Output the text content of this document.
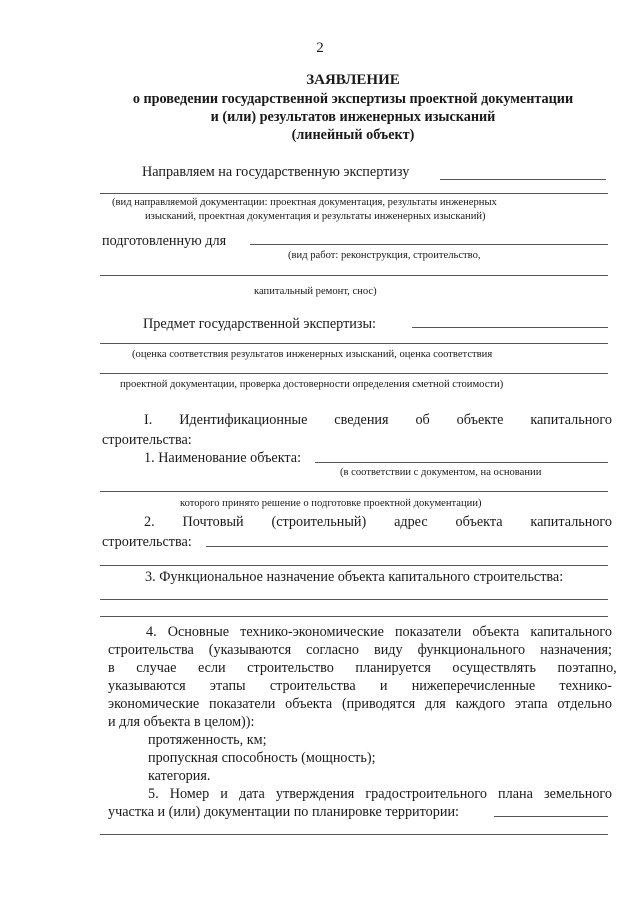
2
ЗАЯВЛЕНИЕ
о проведении государственной экспертизы проектной документации
и (или) результатов инженерных изысканий
(линейный объект)
Направляем на государственную экспертизу
(вид направляемой документации: проектная документация, результаты инженерных
изысканий, проектная документация и результаты инженерных изысканий)
подготовленную для
(вид работ: реконструкция, строительство,
капитальный ремонт, снос)
Предмет государственной экспертизы:
(оценка соответствия результатов инженерных изысканий, оценка соответствия
проектной документации, проверка достоверности определения сметной стоимости)
I. Идентификационные сведения об объекте капитального
строительства:
1. Наименование объекта:
(в соответствии с документом, на основании
которого принято решение о подготовке проектной документации)
2. Почтовый (строительный) адрес объекта капитального
строительства:
3. Функциональное назначение объекта капитального строительства:
4. Основные технико-экономические показатели объекта капитального
строительства (указываются согласно виду функционального назначения;
в случае если строительство планируется осуществлять поэтапно,
указываются этапы строительства и нижеперечисленные технико-
экономические показатели объекта (приводятся для каждого этапа отдельно
и для объекта в целом)):
протяженность, км;
пропускная способность (мощность);
категория.
5. Номер и дата утверждения градостроительного плана земельного
участка и (или) документации по планировке территории:
